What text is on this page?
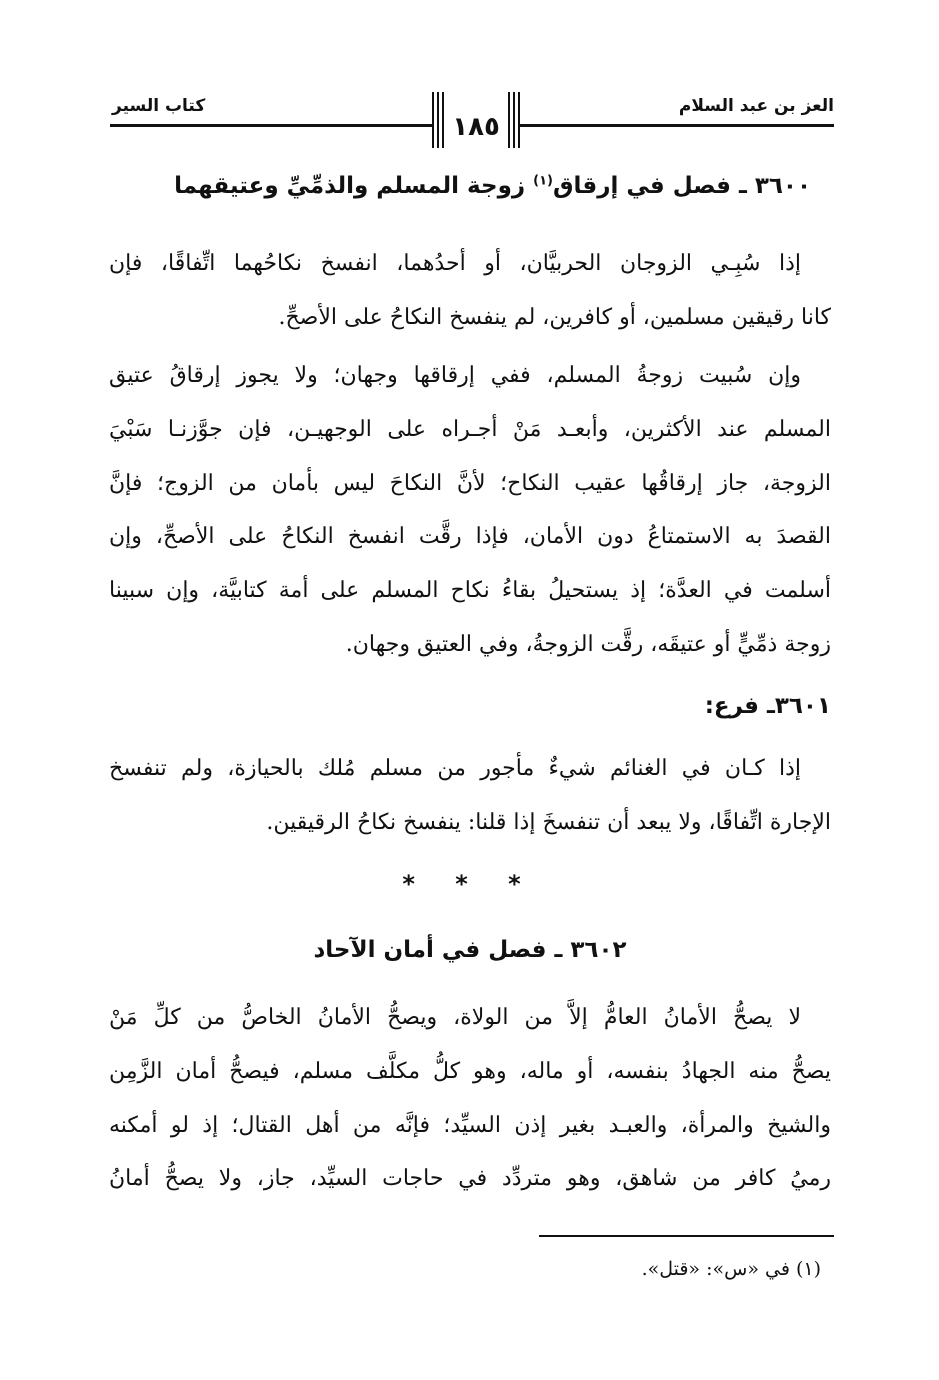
العز بن عبد السلام
١٨٥
كتاب السير
٣٦٠٠ ـ فصل في إرقاق$^{(١)}$ زوجة المسلم والذمِّيِّ وعتيقهما
إذا سُبِـي الزوجان الحربيَّان، أو أحدُهما، انفسخ نكاحُهما اتِّفاقًا، فإن
كانا رقيقين مسلمين، أو كافرين، لم ينفسخ النكاحُ على الأصحِّ.
وإن سُبيت زوجةُ المسلم، ففي إرقاقها وجهان؛ ولا يجوز إرقاقُ عتيق
المسلم عند الأكثرين، وأبعـد مَنْ أجـراه على الوجهيـن، فإن جوَّزنـا سَبْيَ
الزوجة، جاز إرقاقُها عقيب النكاح؛ لأنَّ النكاحَ ليس بأمان من الزوج؛ فإنَّ
القصدَ به الاستمتاعُ دون الأمان، فإذا رقَّت انفسخ النكاحُ على الأصحِّ، وإن
أسلمت في العدَّة؛ إذ يستحيلُ بقاءُ نكاح المسلم على أمة كتابيَّة، وإن سبينا
زوجة ذمِّيٍّ أو عتيقَه، رقَّت الزوجةُ، وفي العتيق وجهان.
٣٦٠١ـ فرع:
إذا كـان في الغنائم شيءٌ مأجور من مسلم مُلك بالحيازة، ولم تنفسخ
الإجارة اتِّفاقًا، ولا يبعد أن تنفسخَ إذا قلنا: ينفسخ نكاحُ الرقيقين.
* * *
٣٦٠٢ ـ فصل في أمان الآحاد
لا يصحُّ الأمانُ العامُّ إلاَّ من الولاة، ويصحُّ الأمانُ الخاصُّ من كلِّ مَنْ
يصحُّ منه الجهادُ بنفسه، أو ماله، وهو كلُّ مكلَّف مسلم، فيصحُّ أمان الزَّمِن
والشيخ والمرأة، والعبـد بغير إذن السيِّد؛ فإنَّه من أهل القتال؛ إذ لو أمكنه
رميُ كافر من شاهق، وهو متردِّد في حاجات السيِّد، جاز، ولا يصحُّ أمانُ
(١) في «س»: «قتل».
